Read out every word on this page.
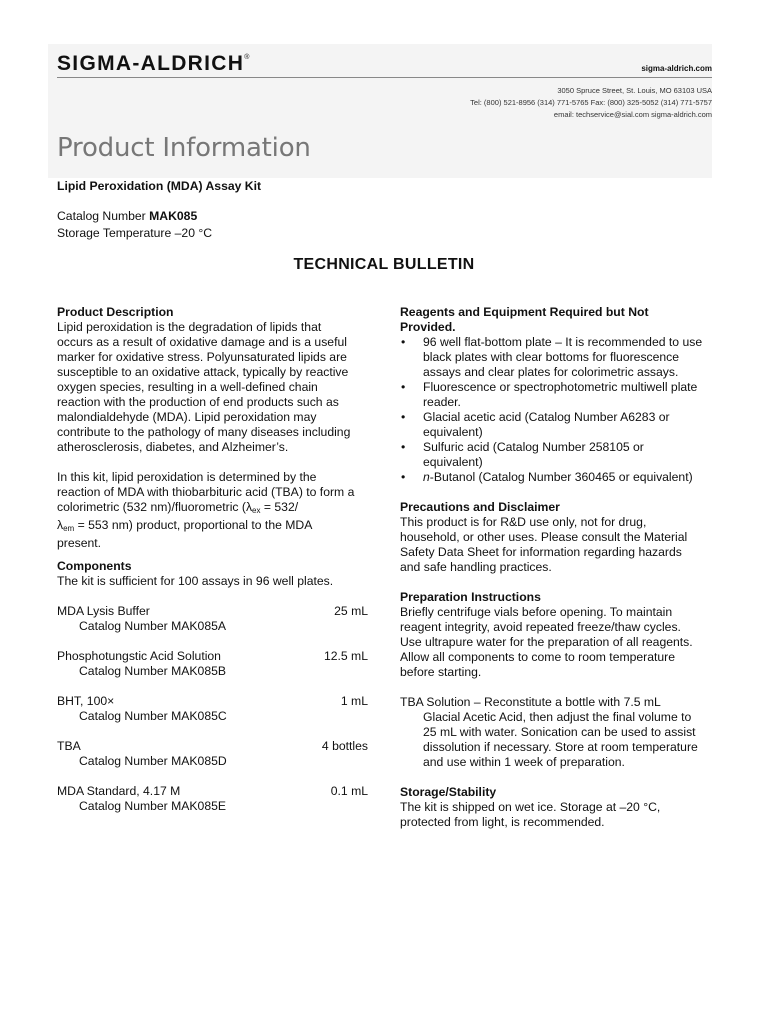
SIGMA-ALDRICH®
sigma-aldrich.com
3050 Spruce Street, St. Louis, MO 63103 USA
Tel: (800) 521-8956 (314) 771-5765 Fax: (800) 325-5052 (314) 771-5757
email: techservice@sial.com sigma-aldrich.com
Product Information
Lipid Peroxidation (MDA) Assay Kit
Catalog Number MAK085
Storage Temperature –20 °C
TECHNICAL BULLETIN
Product Description

Lipid peroxidation is the degradation of lipids that
occurs as a result of oxidative damage and is a useful
marker for oxidative stress. Polyunsaturated lipids are
susceptible to an oxidative attack, typically by reactive
oxygen species, resulting in a well-defined chain
reaction with the production of end products such as
malondialdehyde (MDA). Lipid peroxidation may
contribute to the pathology of many diseases including
atherosclerosis, diabetes, and Alzheimer’s.

In this kit, lipid peroxidation is determined by the
reaction of MDA with thiobarbituric acid (TBA) to form a
colorimetric (532 nm)/fluorometric ($\lambda_{ex} = 532/$
$\lambda_{em} = 553$ nm) product, proportional to the MDA
present.

Components
The kit is sufficient for 100 assays in 96 well plates.
MDA Lysis Buffer	25 mL
Catalog Number MAK085A
Phosphotungstic Acid Solution	12.5 mL
Catalog Number MAK085B
BHT, 100×	1 mL
Catalog Number MAK085C
TBA	4 bottles
Catalog Number MAK085D
MDA Standard, 4.17 M	0.1 mL
Catalog Number MAK085E
Reagents and Equipment Required but Not
Provided.
• 96 well flat-bottom plate – It is recommended to use
black plates with clear bottoms for fluorescence
assays and clear plates for colorimetric assays.
• Fluorescence or spectrophotometric multiwell plate
reader.
• Glacial acetic acid (Catalog Number A6283 or
equivalent)
• Sulfuric acid (Catalog Number 258105 or
equivalent)
• n-Butanol (Catalog Number 360465 or equivalent)
Precautions and Disclaimer

This product is for R&D use only, not for drug,
household, or other uses. Please consult the Material
Safety Data Sheet for information regarding hazards
and safe handling practices.

Preparation Instructions

Briefly centrifuge vials before opening. To maintain
reagent integrity, avoid repeated freeze/thaw cycles.
Use ultrapure water for the preparation of all reagents.
Allow all components to come to room temperature
before starting.

TBA Solution – Reconstitute a bottle with 7.5 mL
Glacial Acetic Acid, then adjust the final volume to
25 mL with water. Sonication can be used to assist
dissolution if necessary. Store at room temperature
and use within 1 week of preparation.

Storage/Stability

The kit is shipped on wet ice. Storage at –20 °C,
protected from light, is recommended.
